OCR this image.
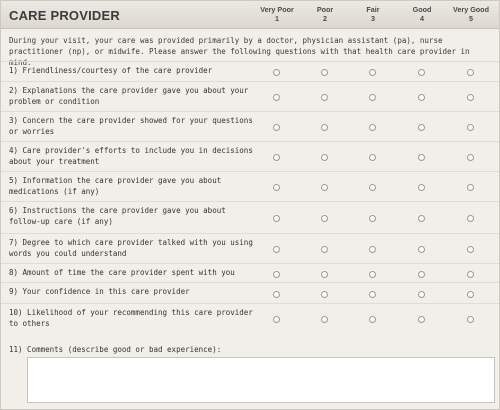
CARE PROVIDER	Very Poor
1
Poor
2
Fair
3
Good
4
Very Good
5
During your visit, your care was provided primarily by a doctor, physician assistant (pa), nurse practitioner (np), or midwife. Please answer the following questions with that health care provider in mind.
1) Friendliness/courtesy of the care provider
2) Explanations the care provider gave you about your problem or condition
3) Concern the care provider showed for your questions or worries
4) Care provider's efforts to include you in decisions about your treatment
5) Information the care provider gave you about medications (if any)
6) Instructions the care provider gave you about follow-up care (if any)
7) Degree to which care provider talked with you using words you could understand
8) Amount of time the care provider spent with you
9) Your confidence in this care provider
10) Likelihood of your recommending this care provider to others
11) Comments (describe good or bad experience):
